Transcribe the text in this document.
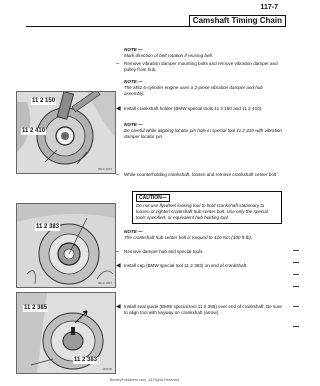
117-7
Camshaft Timing Chain
NOTE —
Mark direction of belt rotation if reusing belt.
– Remove vibration damper mounting bolts and remove vibration damper and pulley from hub.
NOTE —
The M52 6-cylinder engine uses a 2-piece vibration damper and hub assembly.
◀ Install crankshaft holder (BMW special tools 11 2 150 and 11 2 410).
NOTE —
Be careful while aligning locator pin hole in special tool 11 2 410 with vibration damper locator pin.
– While counterholding crankshaft, loosen and remove crankshaft center bolt.
CAUTION—
Do not use flywheel locking tool to hold crankshaft stationary to loosen or tighten crankshaft hub center bolt. Use only the special tools specified, or equivalent hub holding tool.
NOTE —
The crankshaft hub center bolt is torqued to 410 Nm (300 ft-lb).
– Remove damper hub and special tools.
◀ Install cap (BMW special tool 11 2 383) on end of crankshaft.
◀ Install seal guide (BMW special tool 11 2 385) over end of crankshaft. Be sure to align tool with keyway on crankshaft (arrow).
11 2 150
11 2 410
0013 1234
11 2 383
0013 1097
11 2 385
11 2 383
116100
BentleyPublishers.com - All Rights Reserved
